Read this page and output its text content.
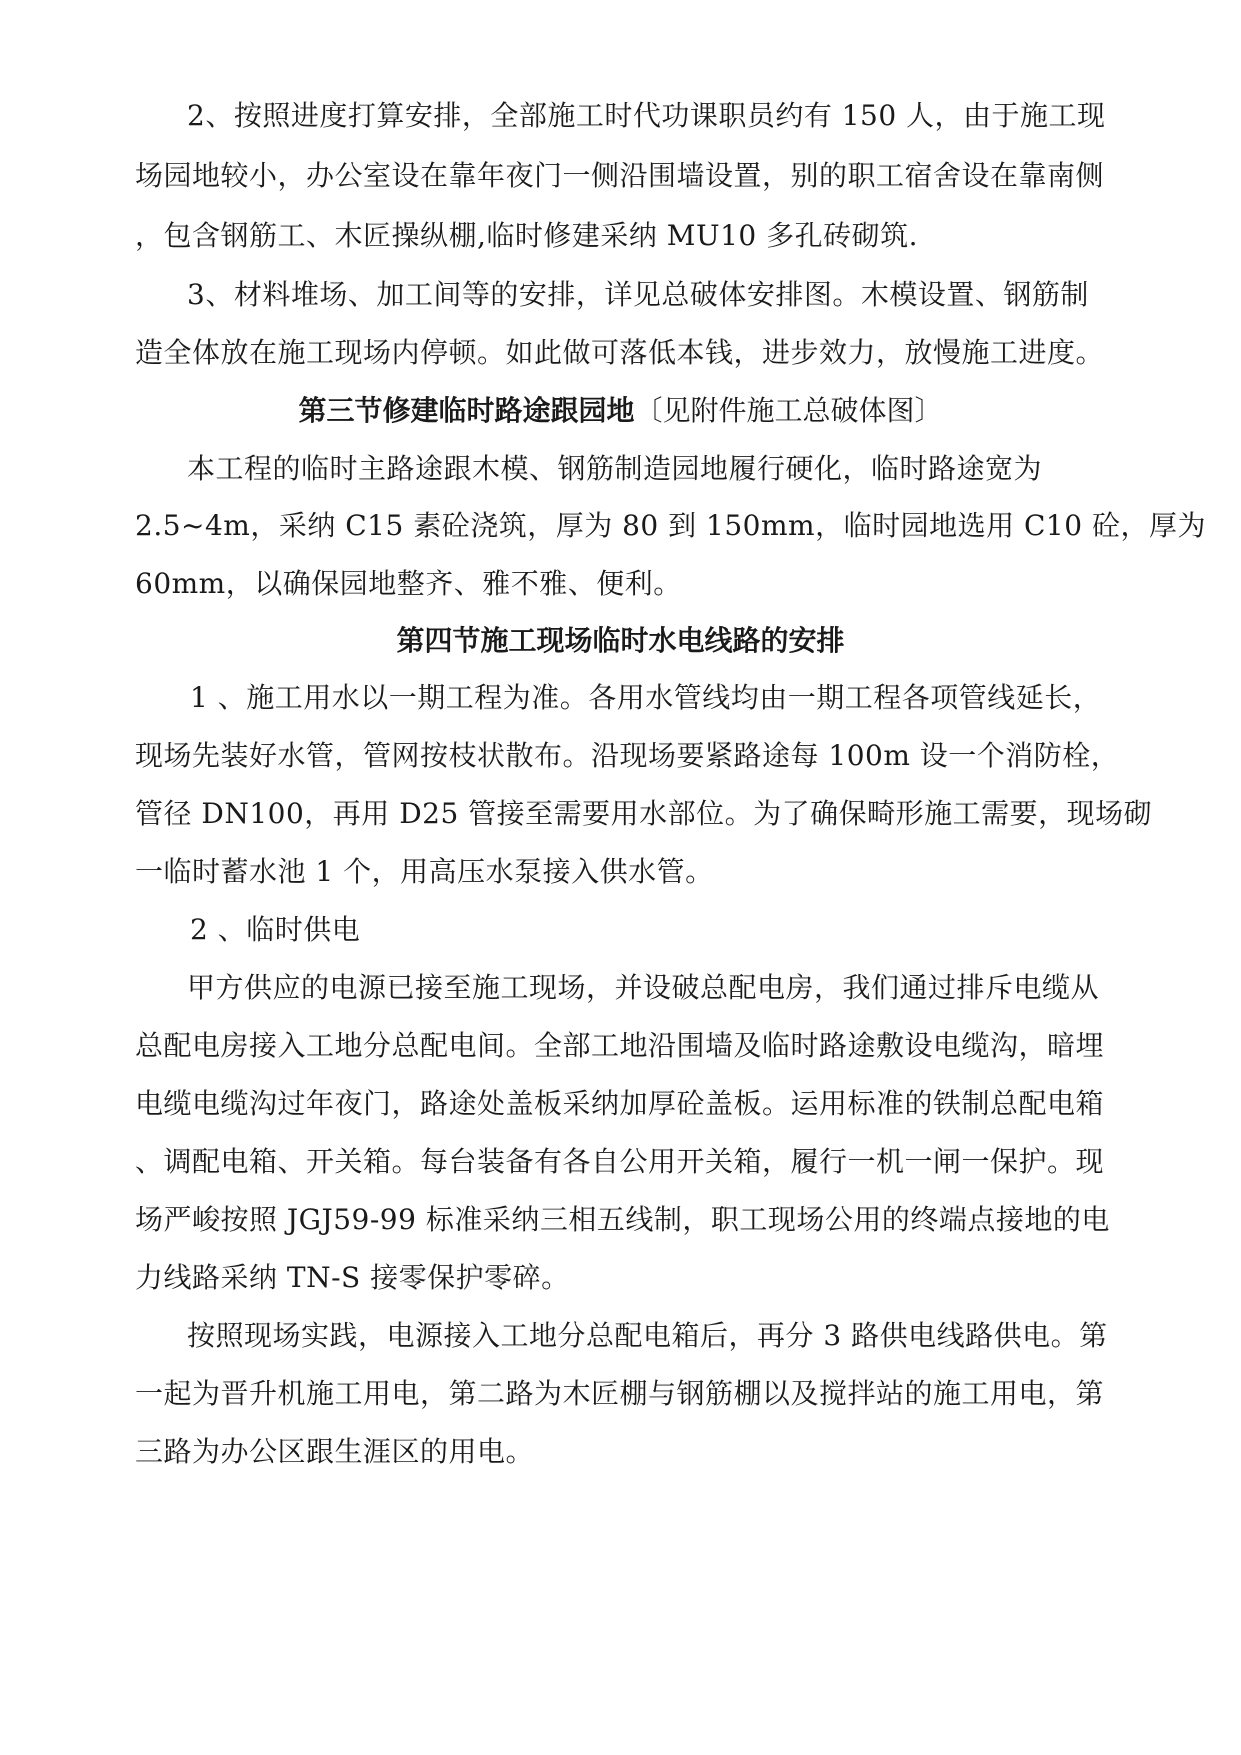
2、按照进度打算安排，全部施工时代功课职员约有 150 人，由于施工现
场园地较小，办公室设在靠年夜门一侧沿围墙设置，别的职工宿舍设在靠南侧
，包含钢筋工、木匠操纵棚,临时修建采纳 MU10 多孔砖砌筑.
3、材料堆场、加工间等的安排，详见总破体安排图。木模设置、钢筋制
造全体放在施工现场内停顿。如此做可落低本钱，进步效力，放慢施工进度。
第三节修建临时路途跟园地〔见附件施工总破体图〕
本工程的临时主路途跟木模、钢筋制造园地履行硬化，临时路途宽为
2.5~4m，采纳 C15 素砼浇筑，厚为 80 到 150mm，临时园地选用 C10 砼，厚为
60mm，以确保园地整齐、雅不雅、便利。
第四节施工现场临时水电线路的安排
1 、施工用水以一期工程为准。各用水管线均由一期工程各项管线延长，
现场先装好水管，管网按枝状散布。沿现场要紧路途每 100m 设一个消防栓，
管径 DN100，再用 D25 管接至需要用水部位。为了确保畸形施工需要，现场砌
一临时蓄水池 1 个，用高压水泵接入供水管。
2 、临时供电
甲方供应的电源已接至施工现场，并设破总配电房，我们通过排斥电缆从
总配电房接入工地分总配电间。全部工地沿围墙及临时路途敷设电缆沟，暗埋
电缆电缆沟过年夜门，路途处盖板采纳加厚砼盖板。运用标准的铁制总配电箱
、调配电箱、开关箱。每台装备有各自公用开关箱，履行一机一闸一保护。现
场严峻按照 JGJ59-99 标准采纳三相五线制，职工现场公用的终端点接地的电
力线路采纳 TN-S 接零保护零碎。
按照现场实践，电源接入工地分总配电箱后，再分 3 路供电线路供电。第
一起为晋升机施工用电，第二路为木匠棚与钢筋棚以及搅拌站的施工用电，第
三路为办公区跟生涯区的用电。
